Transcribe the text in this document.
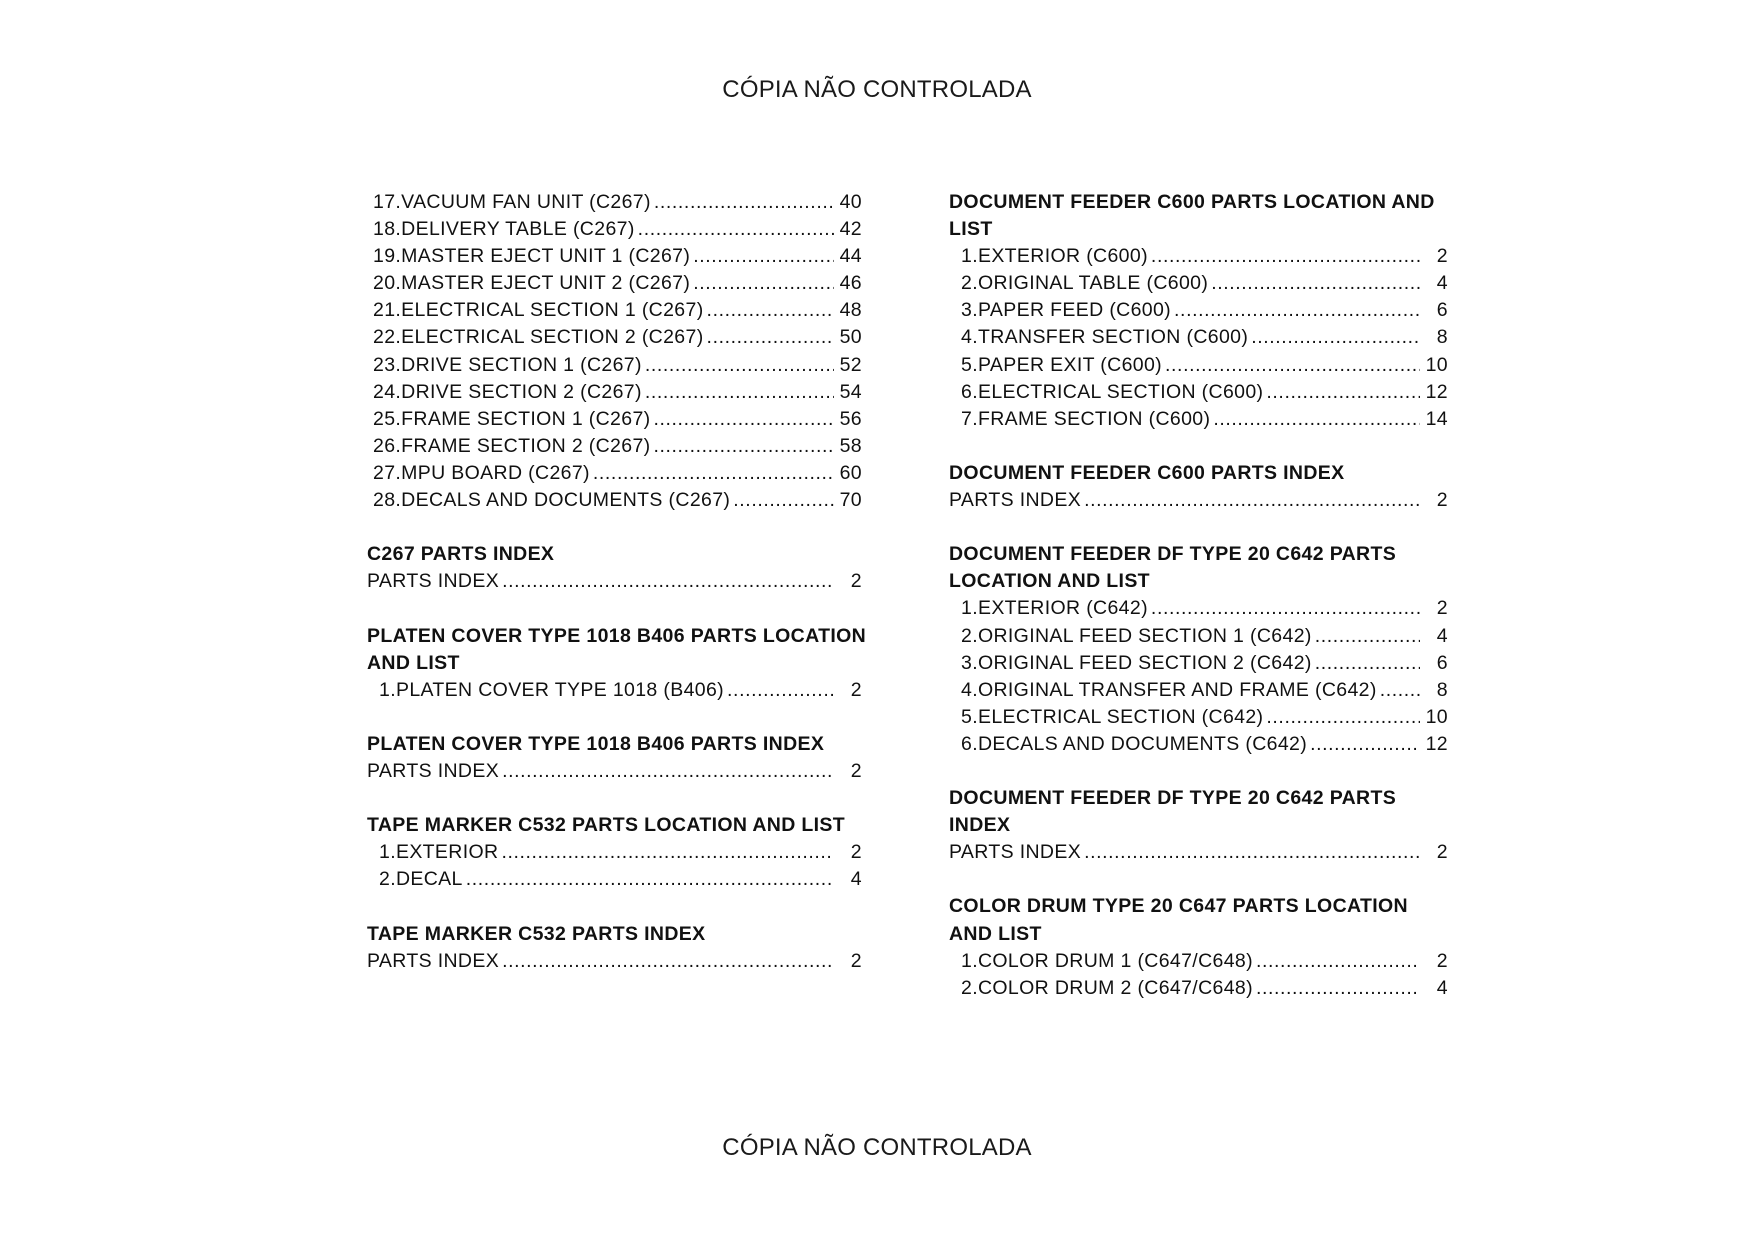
CÓPIA NÃO CONTROLADA
17.VACUUM FAN UNIT (C267) .....	40
18.DELIVERY TABLE (C267) .....	42
19.MASTER EJECT UNIT 1 (C267) .....	44
20.MASTER EJECT UNIT 2 (C267) .....	46
21.ELECTRICAL SECTION 1 (C267) .....	48
22.ELECTRICAL SECTION 2 (C267) .....	50
23.DRIVE SECTION 1 (C267) .....	52
24.DRIVE SECTION 2 (C267) .....	54
25.FRAME SECTION 1 (C267) .....	56
26.FRAME SECTION 2 (C267) .....	58
27.MPU BOARD (C267) .....	60
28.DECALS AND DOCUMENTS (C267) .....	70
C267 PARTS INDEX
PARTS INDEX .....	2
PLATEN COVER TYPE 1018 B406 PARTS LOCATION
AND LIST
1.PLATEN COVER TYPE 1018 (B406) .....	2
PLATEN COVER TYPE 1018 B406 PARTS INDEX
PARTS INDEX .....	2
TAPE MARKER C532 PARTS LOCATION AND LIST
1.EXTERIOR .....	2
2.DECAL .....	4
TAPE MARKER C532 PARTS INDEX
PARTS INDEX .....	2
DOCUMENT FEEDER C600 PARTS LOCATION AND
LIST
1.EXTERIOR (C600) .....	2
2.ORIGINAL TABLE (C600) .....	4
3.PAPER FEED (C600) .....	6
4.TRANSFER SECTION (C600) .....	8
5.PAPER EXIT (C600) .....	10
6.ELECTRICAL SECTION (C600) .....	12
7.FRAME SECTION (C600) .....	14
DOCUMENT FEEDER C600 PARTS INDEX
PARTS INDEX .....	2
DOCUMENT FEEDER DF TYPE 20 C642 PARTS
LOCATION AND LIST
1.EXTERIOR (C642) .....	2
2.ORIGINAL FEED SECTION 1 (C642) .....	4
3.ORIGINAL FEED SECTION 2 (C642) .....	6
4.ORIGINAL TRANSFER AND FRAME (C642) .....	8
5.ELECTRICAL SECTION (C642) .....	10
6.DECALS AND DOCUMENTS (C642) .....	12
DOCUMENT FEEDER DF TYPE 20 C642 PARTS
INDEX
PARTS INDEX .....	2
COLOR DRUM TYPE 20 C647 PARTS LOCATION
AND LIST
1.COLOR DRUM 1 (C647/C648) .....	2
2.COLOR DRUM 2 (C647/C648) .....	4
CÓPIA NÃO CONTROLADA
